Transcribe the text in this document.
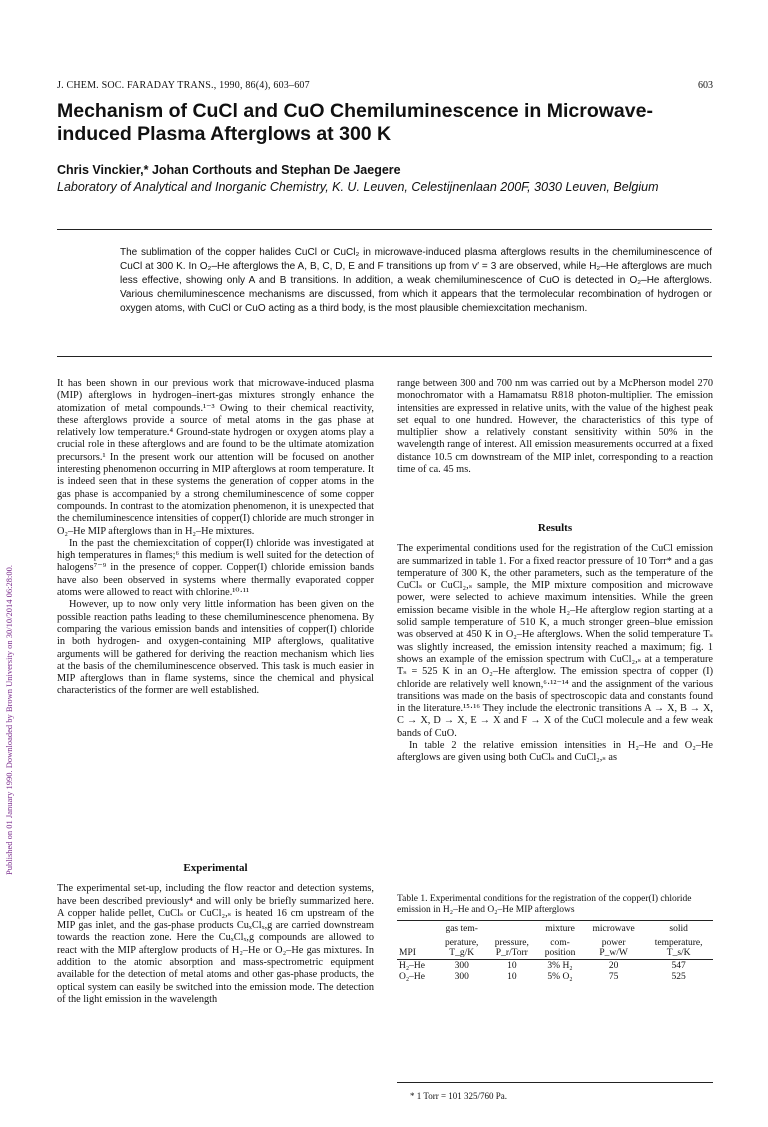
J. CHEM. SOC. FARADAY TRANS., 1990, 86(4), 603–607	603
Mechanism of CuCl and CuO Chemiluminescence in Microwave-induced Plasma Afterglows at 300 K
Chris Vinckier,* Johan Corthouts and Stephan De Jaegere
Laboratory of Analytical and Inorganic Chemistry, K. U. Leuven, Celestijnenlaan 200F, 3030 Leuven, Belgium
The sublimation of the copper halides CuCl or CuCl₂ in microwave-induced plasma afterglows results in the chemiluminescence of CuCl at 300 K. In O₂–He afterglows the A, B, C, D, E and F transitions up from v′ = 3 are observed, while H₂–He afterglows are much less effective, showing only A and B transitions. In addition, a weak chemiluminescence of CuO is detected in O₂–He afterglows. Various chemiluminescence mechanisms are discussed, from which it appears that the termolecular recombination of hydrogen or oxygen atoms, with CuCl or CuO acting as a third body, is the most plausible chemiexcitation mechanism.
Published on 01 January 1990. Downloaded by Brown University on 30/10/2014 06:28:00.

It has been shown in our previous work that microwave-induced plasma (MIP) afterglows in hydrogen–inert-gas mixtures strongly enhance the atomization of metal compounds.¹⁻³ Owing to their chemical reactivity, these afterglows provide a source of metal atoms in the gas phase at relatively low temperature.⁴ Ground-state hydrogen or oxygen atoms play a crucial role in these afterglows and are found to be the ultimate atomization precursors.¹ In the present work our attention will be focused on another interesting phenomenon occurring in MIP afterglows at room temperature. It is indeed seen that in these systems the generation of copper atoms in the gas phase is accompanied by a strong chemiluminescence of some copper compounds. In contrast to the atomization phenomenon, it is unexpected that the chemiluminescence intensities of copper(I) chloride are much stronger in O₂–He MIP afterglows than in H₂–He mixtures.

In the past the chemiexcitation of copper(I) chloride was investigated at high temperatures in flames;⁶ this medium is well suited for the detection of halogens⁷⁻⁹ in the presence of copper. Copper(I) chloride emission bands have also been observed in systems where thermally evaporated copper atoms were allowed to react with chlorine.¹⁰·¹¹

However, up to now only very little information has been given on the possible reaction paths leading to these chemiluminescence phenomena. By comparing the various emission bands and intensities of copper(I) chloride in both hydrogen- and oxygen-containing MIP afterglows, qualitative arguments will be gathered for deriving the reaction mechanism which lies at the basis of the chemiluminescence observed. This task is much easier in MIP afterglows than in flame systems, since the chemical and physical characteristics of the former are well established.

Experimental

The experimental set-up, including the flow reactor and detection systems, have been described previously⁴ and will only be briefly summarized here. A copper halide pellet, CuClₛ or CuCl₂,ₛ is heated 16 cm upstream of the MIP gas inlet, and the gas-phase products CuₓClₓ,g are carried downstream towards the reaction zone. Here the CuₓClₓ,g compounds are allowed to react with the MIP afterglow products of H₂–He or O₂–He gas mixtures. In addition to the atomic absorption and mass-spectrometric equipment available for the detection of metal atoms and other gas-phase products, the optical system can easily be switched into the emission mode. The detection of the light emission in the wavelength

range between 300 and 700 nm was carried out by a McPherson model 270 monochromator with a Hamamatsu R818 photon-multiplier. The emission intensities are expressed in relative units, with the value of the highest peak set equal to one hundred. However, the characteristics of this type of multiplier show a relatively constant sensitivity within 50% in the wavelength range of interest. All emission measurements occurred at a fixed distance 10.5 cm downstream of the MIP inlet, corresponding to a reaction time of ca. 45 ms.

Results

The experimental conditions used for the registration of the CuCl emission are summarized in table 1. For a fixed reactor pressure of 10 Torr* and a gas temperature of 300 K, the other parameters, such as the temperature of the CuClₛ or CuCl₂,ₛ sample, the MIP mixture composition and microwave power, were selected to achieve maximum intensities. While the green emission became visible in the whole H₂–He afterglow region starting at a solid sample temperature of 510 K, a much stronger green–blue emission was observed at 450 K in O₂–He afterglows. When the solid temperature Tₛ was slightly increased, the emission intensity reached a maximum; fig. 1 shows an example of the emission spectrum with CuCl₂,ₛ at a temperature Tₛ = 525 K in an O₂–He afterglow. The emission spectra of copper (I) chloride are relatively well known,⁶·¹²⁻¹⁴ and the assignment of the various transitions was made on the basis of spectroscopic data and constants found in the literature.¹⁵·¹⁶ They include the electronic transitions A → X, B → X, C → X, D → X, E → X and F → X of the CuCl molecule and a few weak bands of CuO.

In table 2 the relative emission intensities in H₂–He and O₂–He afterglows are given using both CuClₛ and CuCl₂,ₛ as

Table 1. Experimental conditions for the registration of the copper(I) chloride emission in H₂–He and O₂–He MIP afterglows
	gas tem-		mixture	microwave	solid
	perature,	pressure,	com-	power	temperature,
MPI	T_g/K	P_r/Torr	position	P_w/W	T_s/K
H₂–He	300	10	3% H₂	20	547
O₂–He	300	10	5% O₂	75	525
* 1 Torr = 101 325/760 Pa.
